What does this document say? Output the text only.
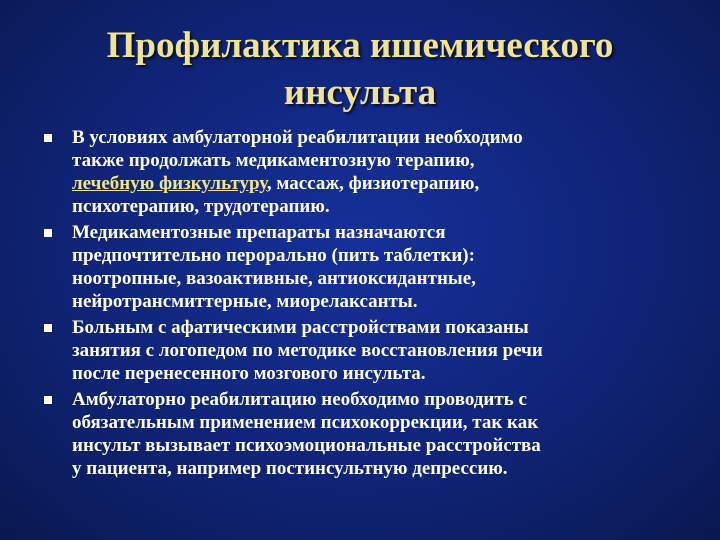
Профилактика ишемического
инсульта
В условиях амбулаторной реабилитации необходимо
также продолжать медикаментозную терапию,
лечебную физкультуру, массаж, физиотерапию,
психотерапию, трудотерапию.
Медикаментозные препараты назначаются
предпочтительно перорально (пить таблетки):
ноотропные, вазоактивные, антиоксидантные,
нейротрансмиттерные, миорелаксанты.
Больным с афатическими расстройствами показаны
занятия с логопедом по методике восстановления речи
после перенесенного мозгового инсульта.
Амбулаторно реабилитацию необходимо проводить с
обязательным применением психокоррекции, так как
инсульт вызывает психоэмоциональные расстройства
у пациента, например постинсультную депрессию.
